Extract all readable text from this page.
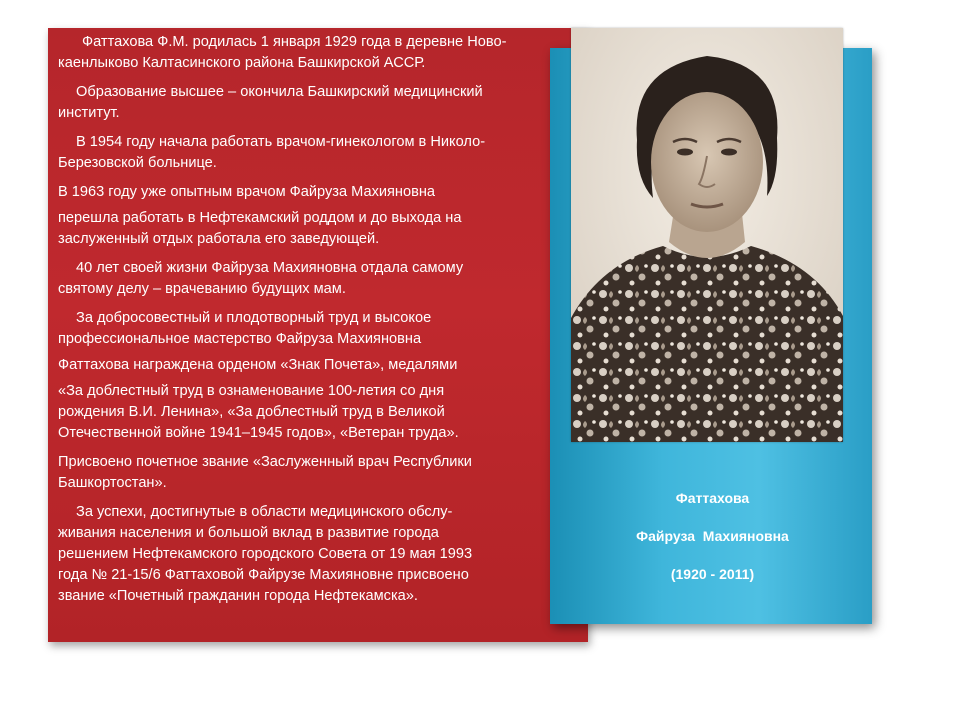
Фаттахова Ф.М. родилась 1 января 1929 года в деревне Ново-
каенлыково Калтасинского района Башкирской АССР.

Образование высшее – окончила Башкирский медицинский
институт.

В 1954 году начала работать врачом-гинекологом в Николо-
Березовской больнице.

В 1963 году уже опытным врачом Файруза Махияновна

перешла работать в Нефтекамский роддом и до выхода на
заслуженный отдых работала его заведующей.

40 лет своей жизни Файруза Махияновна отдала самому
святому делу – врачеванию будущих мам.

За добросовестный и плодотворный труд и высокое
профессиональное мастерство Файруза Махияновна

Фаттахова награждена орденом «Знак Почета», медалями

«За доблестный труд в ознаменование 100-летия со дня
рождения В.И. Ленина», «За доблестный труд в Великой
Отечественной войне 1941–1945 годов», «Ветеран труда».

Присвоено почетное звание «Заслуженный врач Республики
Башкортостан».

За успехи, достигнутые в области медицинского обслу-
живания населения и большой вклад в развитие города
решением Нефтекамского городского Совета от 19 мая 1993
года № 21-15/6 Фаттаховой Файрузе Махияновне присвоено
звание «Почетный гражданин города Нефтекамска».

Фаттахова
Файруза  Махияновна
(1920 - 2011)
